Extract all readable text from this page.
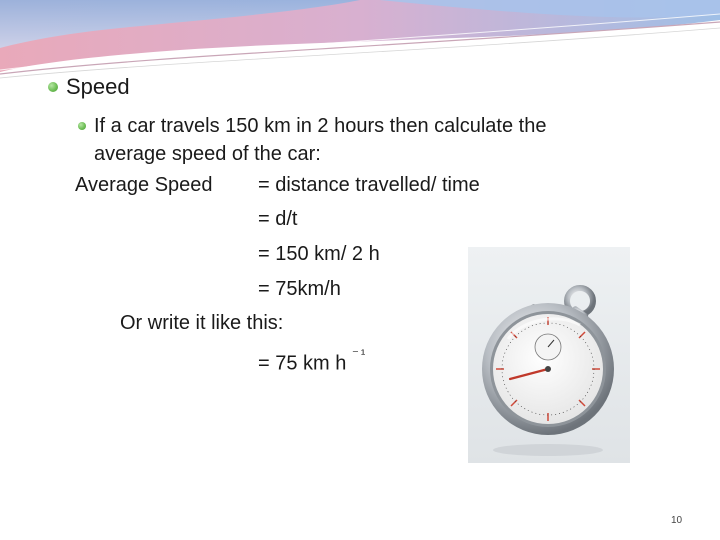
Speed
If a car travels 150 km in 2 hours then calculate the
average speed of the car:
Average Speed = distance travelled/ time
= d/t
= 150 km/ 2 h
= 75km/h
Or write it like this:
= 75 km h $^{^{-1}}$
10
